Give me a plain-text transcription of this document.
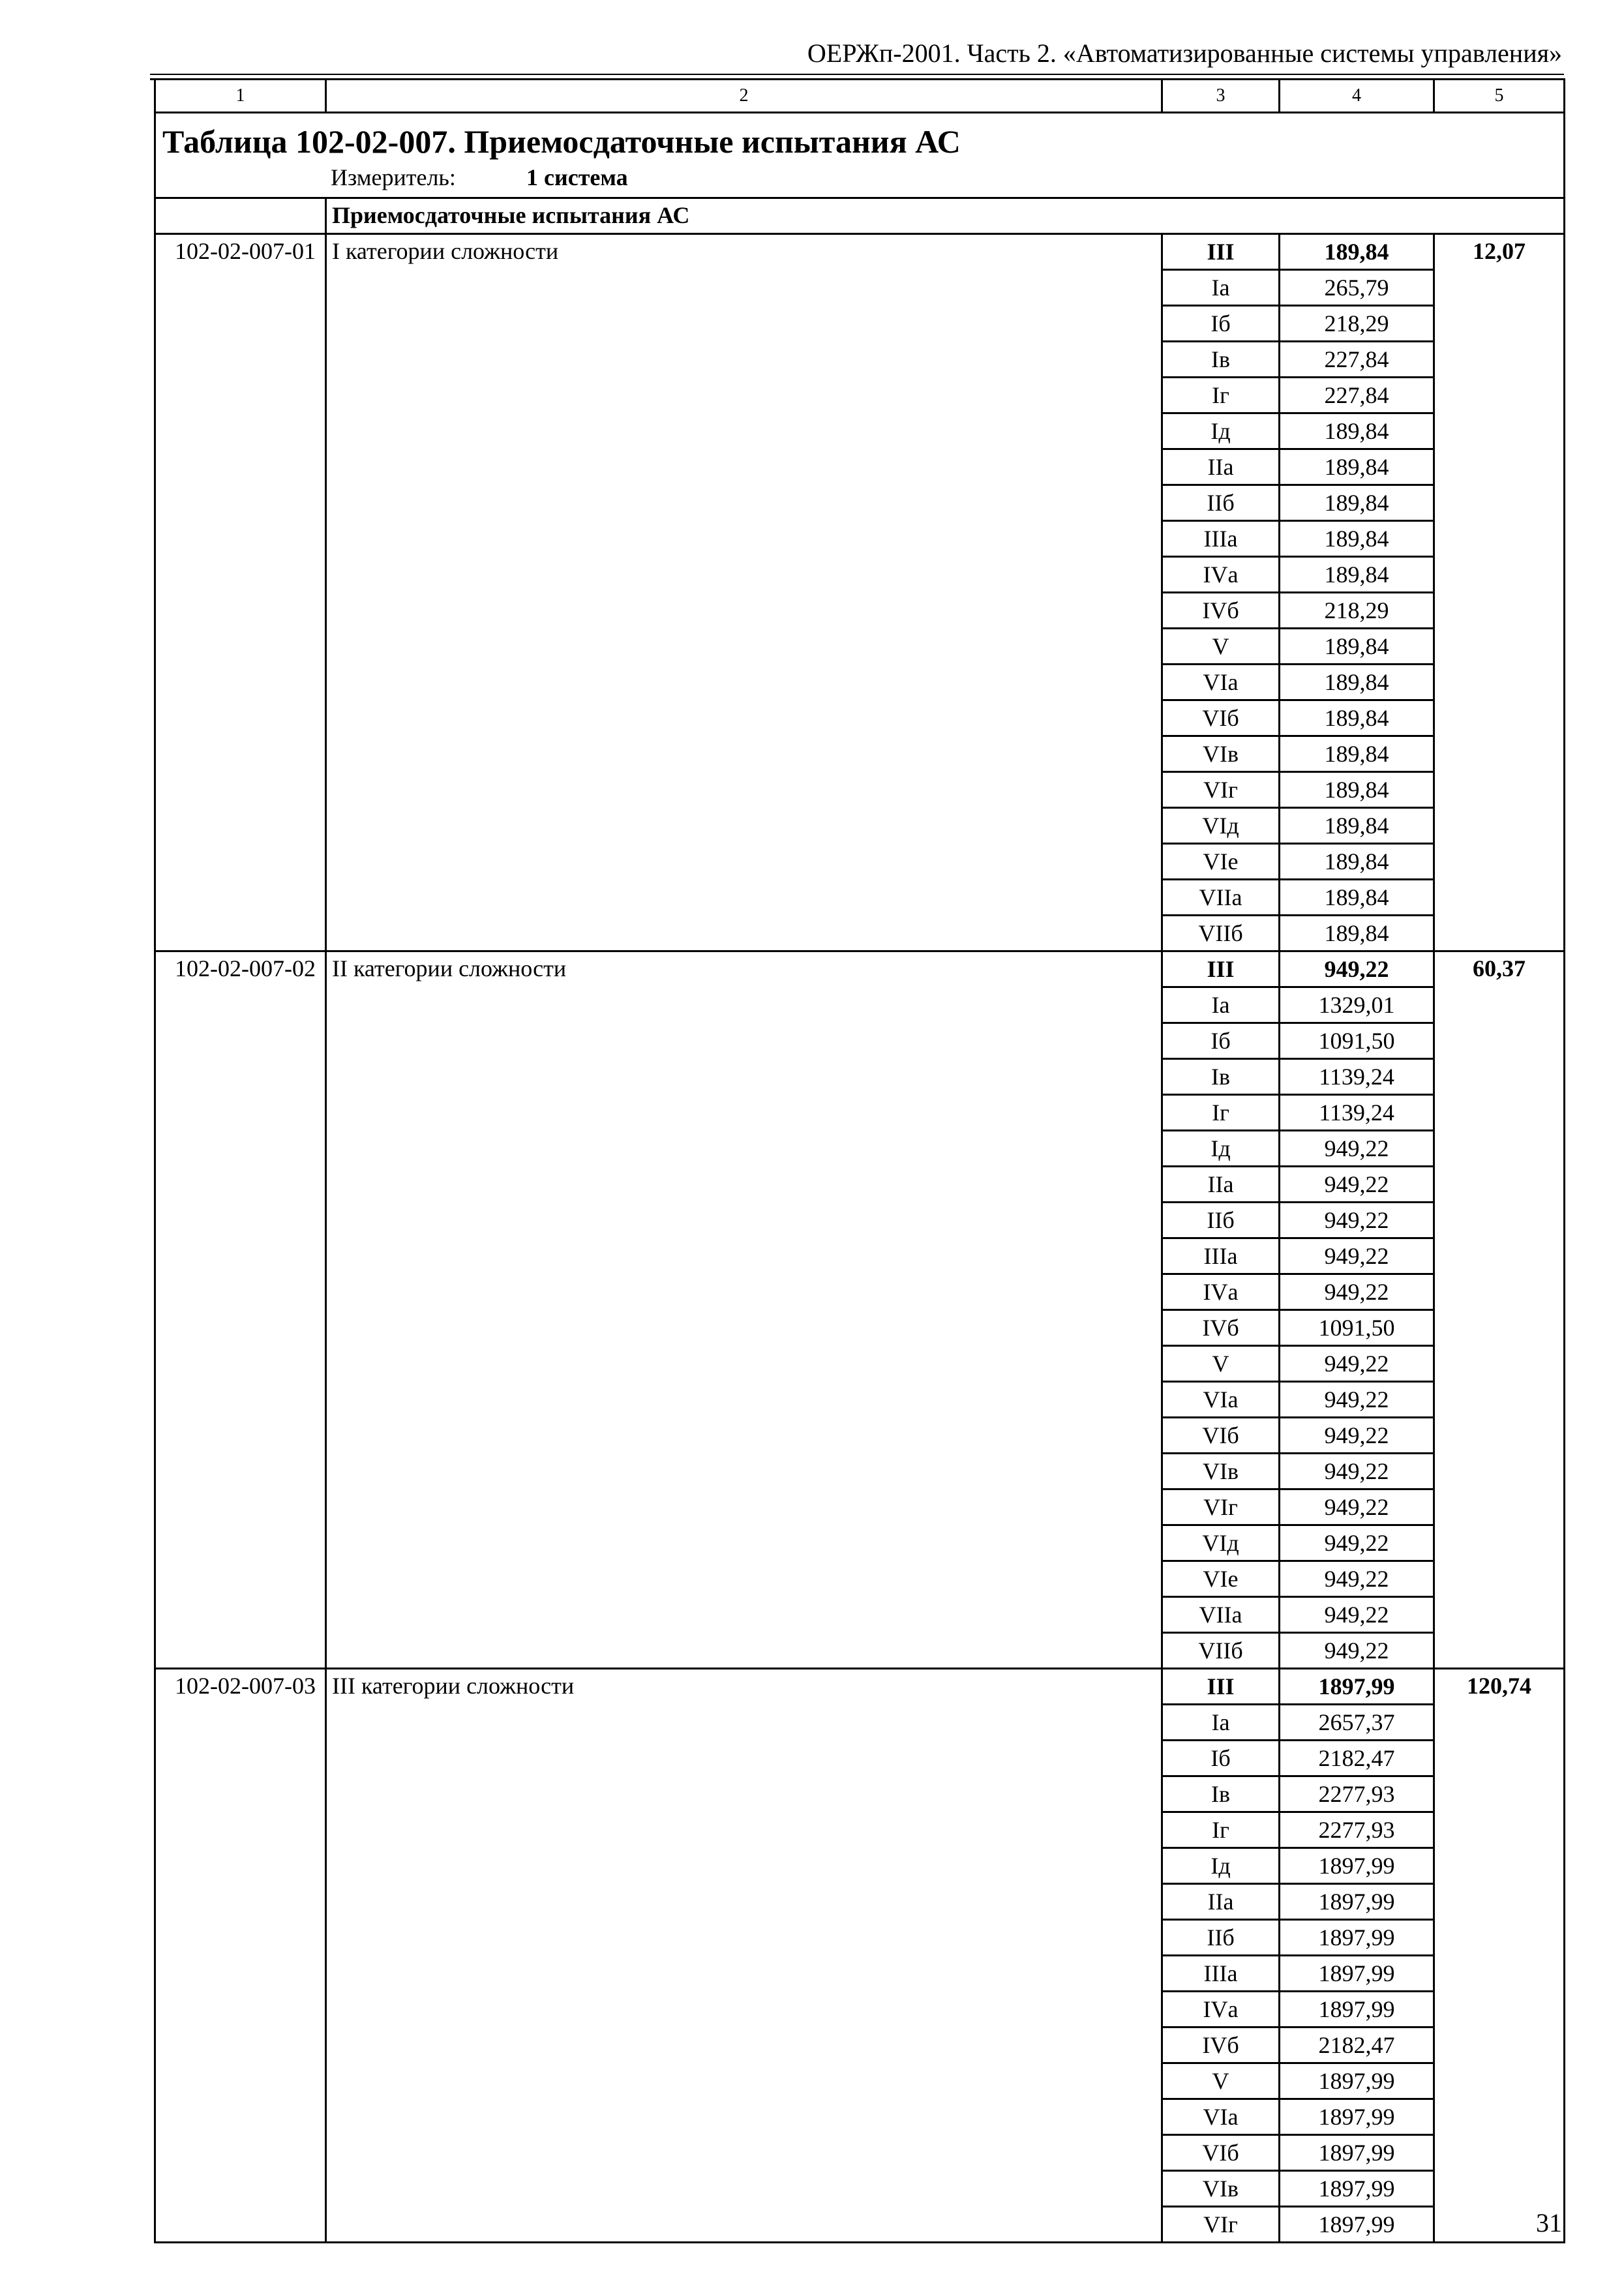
ОЕРЖп-2001. Часть 2. «Автоматизированные системы управления»
1	2	3	4	5

Таблица 102-02-007. Приемосдаточные испытания АС
Измеритель: 1 система				

	Приемосдаточные испытания АС			
102-02-007-01	I категории сложности	III	189,84	12,07
		Iа	265,79	
		Iб	218,29	
		Iв	227,84	
		Iг	227,84	
		Iд	189,84	
		IIа	189,84	
		IIб	189,84	
		IIIа	189,84	
		IVа	189,84	
		IVб	218,29	
		V	189,84	
		VIа	189,84	
		VIб	189,84	
		VIв	189,84	
		VIг	189,84	
		VIд	189,84	
		VIе	189,84	
		VIIа	189,84	
		VIIб	189,84	
102-02-007-02	II категории сложности	III	949,22	60,37
		Iа	1329,01	
		Iб	1091,50	
		Iв	1139,24	
		Iг	1139,24	
		Iд	949,22	
		IIа	949,22	
		IIб	949,22	
		IIIа	949,22	
		IVа	949,22	
		IVб	1091,50	
		V	949,22	
		VIа	949,22	
		VIб	949,22	
		VIв	949,22	
		VIг	949,22	
		VIд	949,22	
		VIе	949,22	
		VIIа	949,22	
		VIIб	949,22	
102-02-007-03	III категории сложности	III	1897,99	120,74
		Iа	2657,37	
		Iб	2182,47	
		Iв	2277,93	
		Iг	2277,93	
		Iд	1897,99	
		IIа	1897,99	
		IIб	1897,99	
		IIIа	1897,99	
		IVа	1897,99	
		IVб	2182,47	
		V	1897,99	
		VIа	1897,99	
		VIб	1897,99	
		VIв	1897,99	
		VIг	1897,99		31
